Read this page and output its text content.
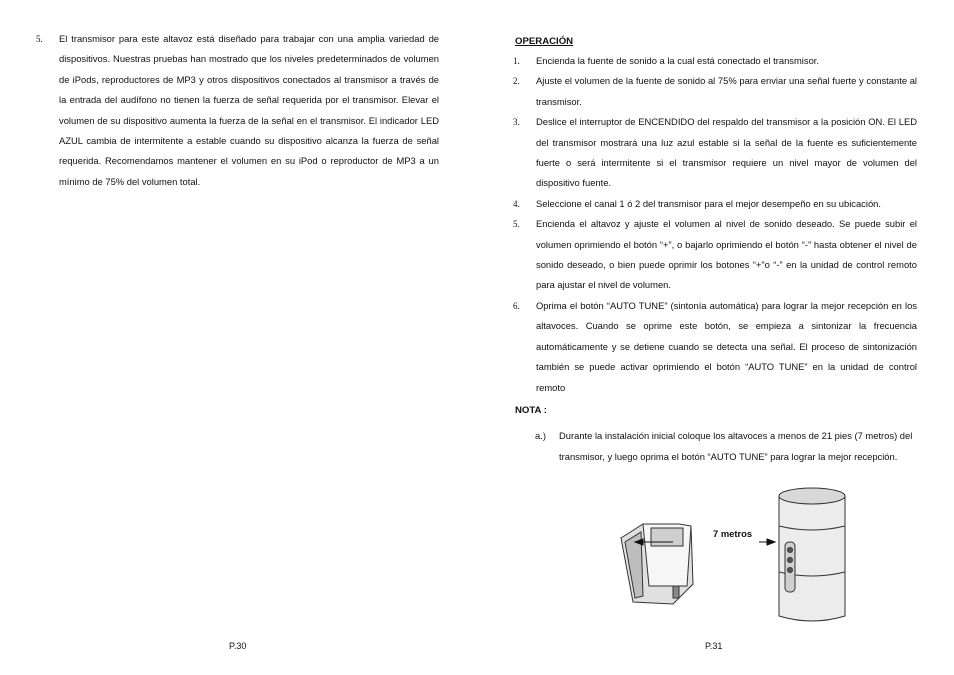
5. El transmisor para este altavoz está diseñado para trabajar con una amplia variedad de dispositivos. Nuestras pruebas han mostrado que los niveles predeterminados de volumen de iPods, reproductores de MP3 y otros dispositivos conectados al transmisor a través de la entrada del audífono no tienen la fuerza de señal requerida por el transmisor. Elevar el volumen de su dispositivo aumenta la fuerza de la señal en el transmisor. El indicador LED AZUL cambia de intermitente a estable cuando su dispositivo alcanza la fuerza de señal requerida. Recomendamos mantener el volumen en su iPod o reproductor de MP3 a un mínimo de 75% del volumen total.
P.30
OPERACIÓN
1. Encienda la fuente de sonido a la cual está conectado el transmisor.
2. Ajuste el volumen de la fuente de sonido al 75% para enviar una señal fuerte y constante al transmisor.
3. Deslice el interruptor de ENCENDIDO del respaldo del transmisor a la posición ON. El LED del transmisor mostrará una luz azul estable si la señal de la fuente es suficientemente fuerte o será intermitente si el transmisor requiere un nivel mayor de volumen del dispositivo fuente.
4. Seleccione el canal 1 ó 2 del transmisor para el mejor desempeño en su ubicación.
5. Encienda el altavoz y ajuste el volumen al nivel de sonido deseado. Se puede subir el volumen oprimiendo el botón “+”, o bajarlo oprimiendo el botón “-” hasta obtener el nivel de sonido deseado, o bien puede oprimir los botones “+”o “-” en la unidad de control remoto para ajustar el nivel de volumen.
6. Oprima el botón “AUTO TUNE” (sintonía automática) para lograr la mejor recepción en los altavoces. Cuando se oprime este botón, se empieza a sintonizar la frecuencia automáticamente y se detiene cuando se detecta una señal. El proceso de sintonización también se puede activar oprimiendo el botón “AUTO TUNE” en la unidad de control remoto
NOTA :
a.) Durante la instalación inicial coloque los altavoces a menos de 21 pies (7 metros) del transmisor, y luego oprima el botón “AUTO TUNE” para lograr la mejor recepción.
7 metros
P.31
